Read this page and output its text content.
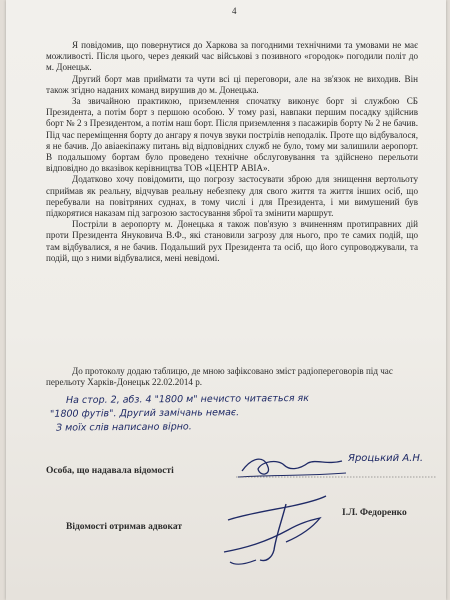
4

Я повідомив, що повернутися до Харкова за погодними технічними та умовами не має можливості. Після цього, через деякий час військові з позивного «городок» погодили політ до м. Донецьк.

Другий борт мав приймати та чути всі ці переговори, але на зв'язок не виходив. Він також згідно наданих команд вирушив до м. Донецька.

За звичайною практикою, приземлення спочатку виконує борт зі службою СБ Президента, а потім борт з першою особою. У тому разі, навпаки першим посадку здійснив борт № 2 з Президентом, а потім наш борт. Після приземлення з пасажирів борту № 2 не бачив. Під час переміщення борту до ангару я почув звуки пострілів неподалік. Проте що відбувалося, я не бачив. До авіаекіпажу питань від відповідних служб не було, тому ми залишили аеропорт. В подальшому бортам було проведено технічне обслуговування та здійснено перельоти відповідно до вказівок керівництва ТОВ «ЦЕНТР АВІА».

Додатково хочу повідомити, що погрозу застосувати зброю для знищення вертольоту сприймав як реальну, відчував реальну небезпеку для свого життя та життя інших осіб, що перебували на повітряних суднах, в тому числі і для Президента, і ми вимушений був підкорятися наказам під загрозою застосування зброї та змінити маршрут.

Постріли в аеропорту м. Донецька я також пов'язую з вчиненням протиправних дій проти Президента Януковича В.Ф., які становили загрозу для нього, про те самих подій, що там відбувалися, я не бачив. Подальший рух Президента та осіб, що його супроводжували, та подій, що з ними відбувалися, мені невідомі.

До протоколу додаю таблицю, де мною зафіксовано зміст радіопереговорів під час перельоту Харків-Донецьк 22.02.2014 р.

На стор. 2, абз. 4 "1800 м" нечисто читається як
"1800 футів". Другий замічань немає.
З моїх слів написано вірно.
Особа, що надавала відомості
Яроцький А.Н.
Відомості отримав адвокат
І.Л. Федоренко
